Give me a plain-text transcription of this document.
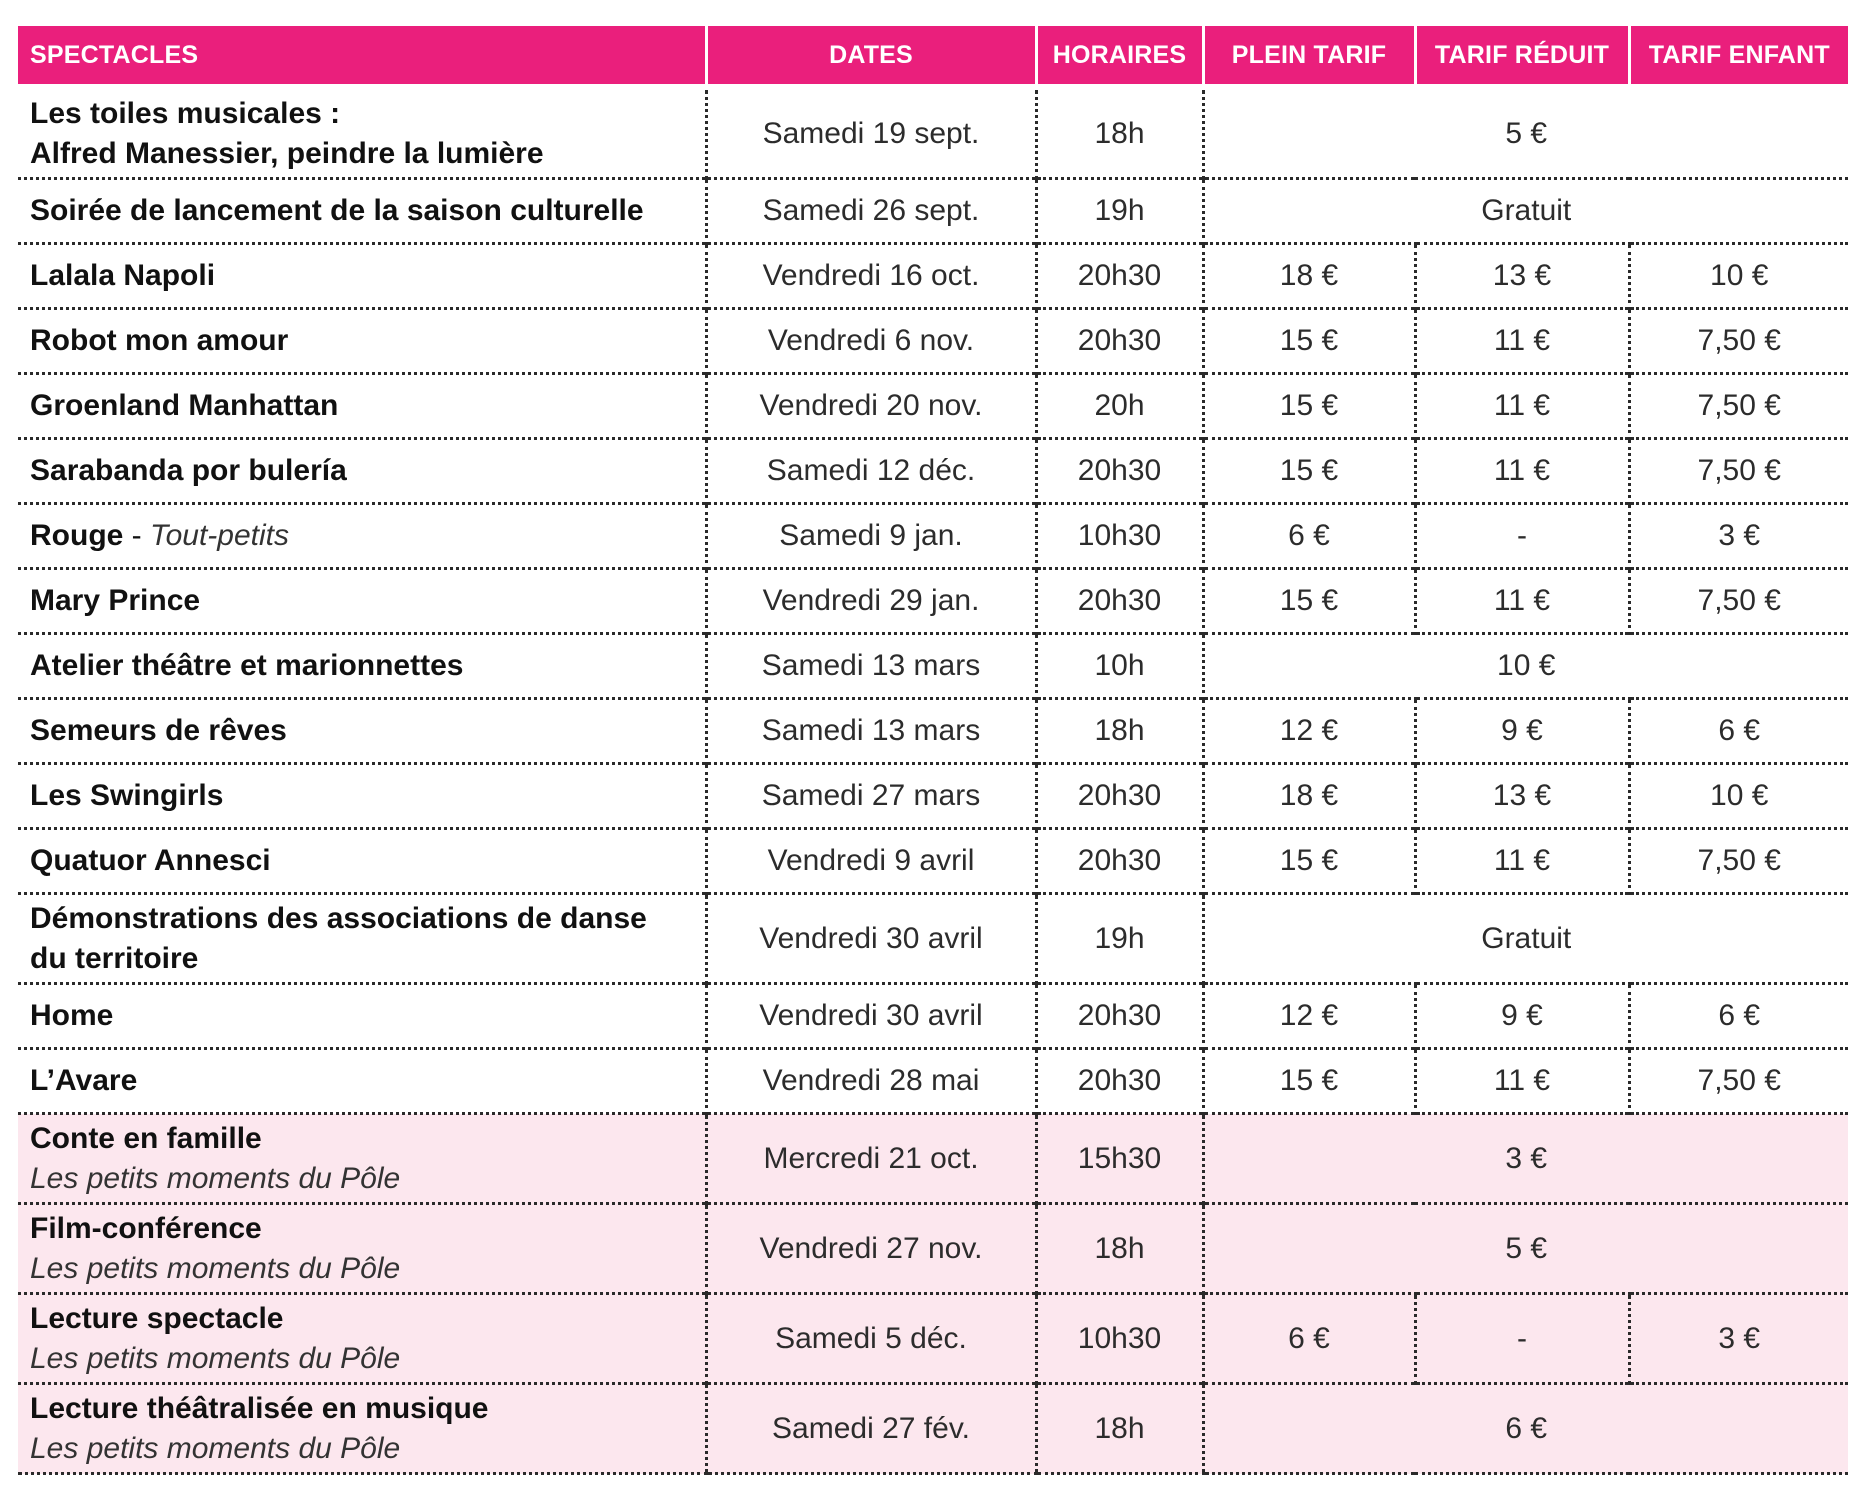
SPECTACLES	DATES	HORAIRES	PLEIN TARIF	TARIF RÉDUIT	TARIF ENFANT
Les toiles musicales :
Alfred Manessier, peindre la lumière	Samedi 19 sept.	18h	5 €		
Soirée de lancement de la saison culturelle	Samedi 26 sept.	19h	Gratuit		
Lalala Napoli	Vendredi 16 oct.	20h30	18 €	13 €	10 €
Robot mon amour	Vendredi 6 nov.	20h30	15 €	11 €	7,50 €
Groenland Manhattan	Vendredi 20 nov.	20h	15 €	11 €	7,50 €
Sarabanda por bulería	Samedi 12 déc.	20h30	15 €	11 €	7,50 €
Rouge - Tout-petits	Samedi 9 jan.	10h30	6 €	-	3 €
Mary Prince	Vendredi 29 jan.	20h30	15 €	11 €	7,50 €
Atelier théâtre et marionnettes	Samedi 13 mars	10h	10 €		
Semeurs de rêves	Samedi 13 mars	18h	12 €	9 €	6 €
Les Swingirls	Samedi 27 mars	20h30	18 €	13 €	10 €
Quatuor Annesci	Vendredi 9 avril	20h30	15 €	11 €	7,50 €
Démonstrations des associations de danse
du territoire	Vendredi 30 avril	19h	Gratuit		
Home	Vendredi 30 avril	20h30	12 €	9 €	6 €
L’Avare	Vendredi 28 mai	20h30	15 €	11 €	7,50 €
Conte en famille
Les petits moments du Pôle	Mercredi 21 oct.	15h30	3 €		
Film-conférence
Les petits moments du Pôle	Vendredi 27 nov.	18h	5 €		
Lecture spectacle
Les petits moments du Pôle	Samedi 5 déc.	10h30	6 €	-	3 €
Lecture théâtralisée en musique
Les petits moments du Pôle	Samedi 27 fév.	18h	6 €		
